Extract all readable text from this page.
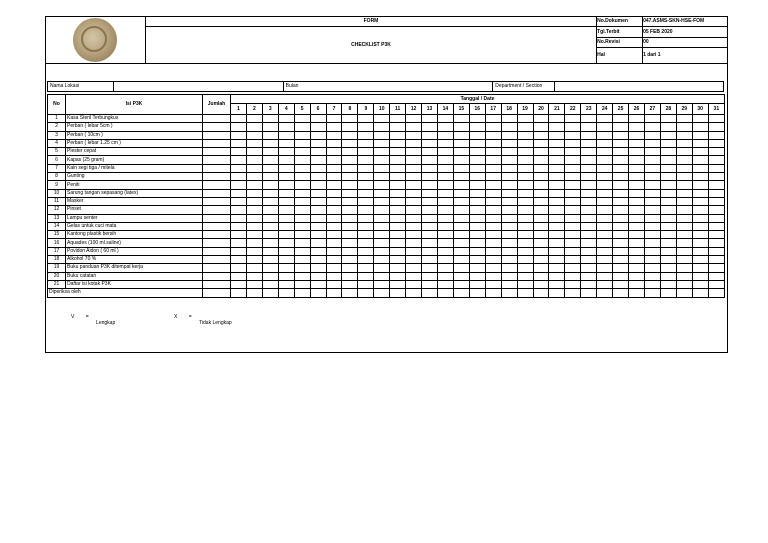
	FORM	No.Dokumen	047.ASMS-SKN-HSE-FOM
	CHECKLIST P3K	Tgl.Terbit	05 FEB 2020
		No.Revisi	00
		Hal	1 dari 1
Nama Lokasi		Bulan	Department / Section	
No	Isi P3K	Jumlah	Tanggal / Date																														
			1	2	3	4	5	6	7	8	9	10	11	12	13	14	15	16	17	18	19	20	21	22	23	24	25	26	27	28	29	30	31
1	Kasa Steril Terbungkus																																
2	Perban ( lebar 5cm )																																
3	Perban ( 10cm )																																
4	Perban ( lebar 1.25 cm )																																
5	Plester cepat																																
6	Kapas (25 gram)																																
7	Kain segi tiga / mitela																																
8	Gunting																																
9	Peniti																																
10	Sarung tangan sepasang (latex)																																
11	Masker																																
12	Pinset																																
13	Lampu senter																																
14	Gelas untuk cuci mata																																
15	Kantong plastik bersih																																
16	Aquades (100 ml.saline)																																
17	Povidon Aidon ( 60 ml )																																
18	Alkohol 70 %																																
19	Buku panduan P3K ditempat kerja																																
20	Buku catatan																																
21	Daftar isi kotak P3K																																
Diperiksa oleh																																	
V = Lengkap
X = Tidak Lengkap
